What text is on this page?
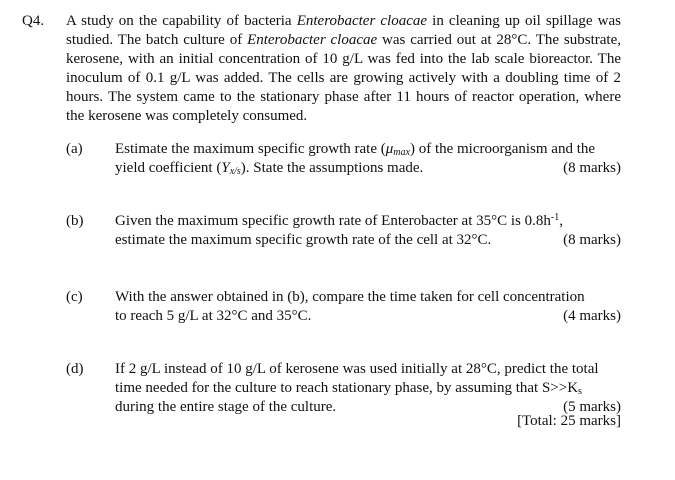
Q4. A study on the capability of bacteria Enterobacter cloacae in cleaning up oil spillage was studied. The batch culture of Enterobacter cloacae was carried out at 28°C. The substrate, kerosene, with an initial concentration of 10 g/L was fed into the lab scale bioreactor. The inoculum of 0.1 g/L was added. The cells are growing actively with a doubling time of 2 hours. The system came to the stationary phase after 11 hours of reactor operation, where the kerosene was completely consumed.
(a) Estimate the maximum specific growth rate $(\mu_{max})$ of the microorganism and the
yield coefficient $(Y_{x/s})$. State the assumptions made.	(8 marks)
(b) Given the maximum specific growth rate of Enterobacter at 35°C is $0.8h^{-1}$,
estimate the maximum specific growth rate of the cell at 32°C.	(8 marks)
(c) With the answer obtained in (b), compare the time taken for cell concentration
to reach 5 g/L at 32°C and 35°C.	(4 marks)
(d) If 2 g/L instead of 10 g/L of kerosene was used initially at 28°C, predict the total
time needed for the culture to reach stationary phase, by assuming that $S>>K_s$
during the entire stage of the culture.	(5 marks)
[Total: 25 marks]
